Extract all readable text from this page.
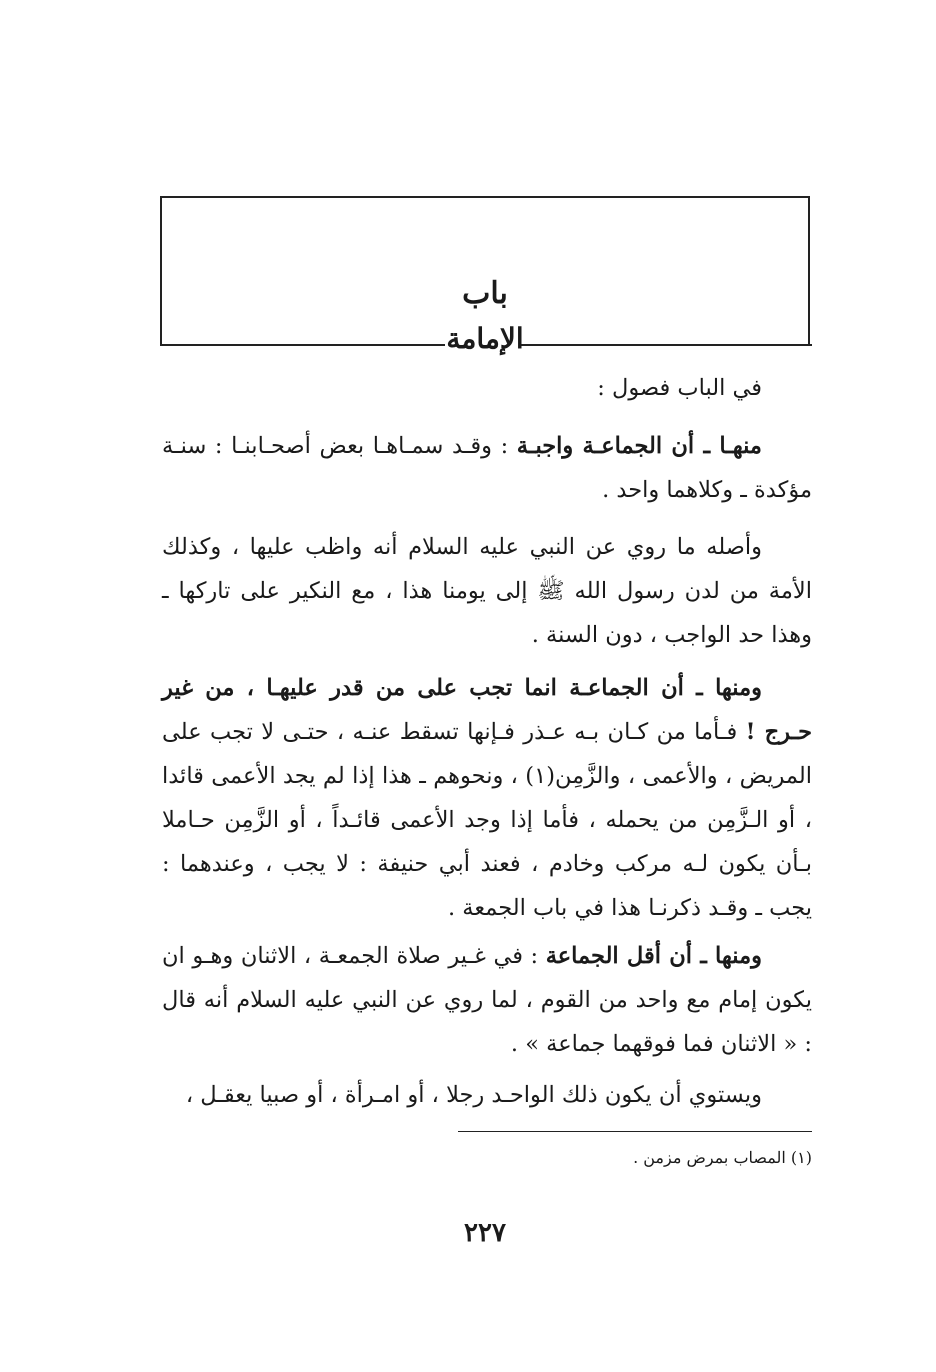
باب
الإمامة

في الباب فصول :

منهـا ـ أن الجماعـة واجبـة : وقـد سمـاهـا بعض أصحـابنـا : سنـة مؤكدة ـ وكلاهما واحد .

وأصله ما روي عن النبي عليه السلام أنه واظب عليها ، وكذلك الأمة من لدن رسول الله ﷺ إلى يومنا هذا ، مع النكير على تاركها ـ وهذا حد الواجب ، دون السنة .

ومنها ـ أن الجماعـة انما تجب على من قدر عليهـا ، من غير حـرج ! فـأما من كـان بـه عـذر فـإنها تسقط عنـه ، حتـى لا تجب على المريض ، والأعمى ، والزَّمِن(١) ، ونحوهم ـ هذا إذا لم يجد الأعمى قائدا ، أو الـزَّمِن من يحمله ، فأما إذا وجد الأعمى قائـداً ، أو الزَّمِن حـاملا بـأن يكون لـه مركب وخادم ، فعند أبي حنيفة : لا يجب ، وعندهما : يجب ـ وقـد ذكرنـا هذا في باب الجمعة .

ومنها ـ أن أقل الجماعة : في غـير صلاة الجمعـة ، الاثنان وهـو ان يكون إمام مع واحد من القوم ، لما روي عن النبي عليه السلام أنه قال : « الاثنان فما فوقهما جماعة » .

ويستوي أن يكون ذلك الواحـد رجلا ، أو امـرأة ، أو صبيا يعقـل ،

(١) المصاب بمرض مزمن .
٢٢٧
